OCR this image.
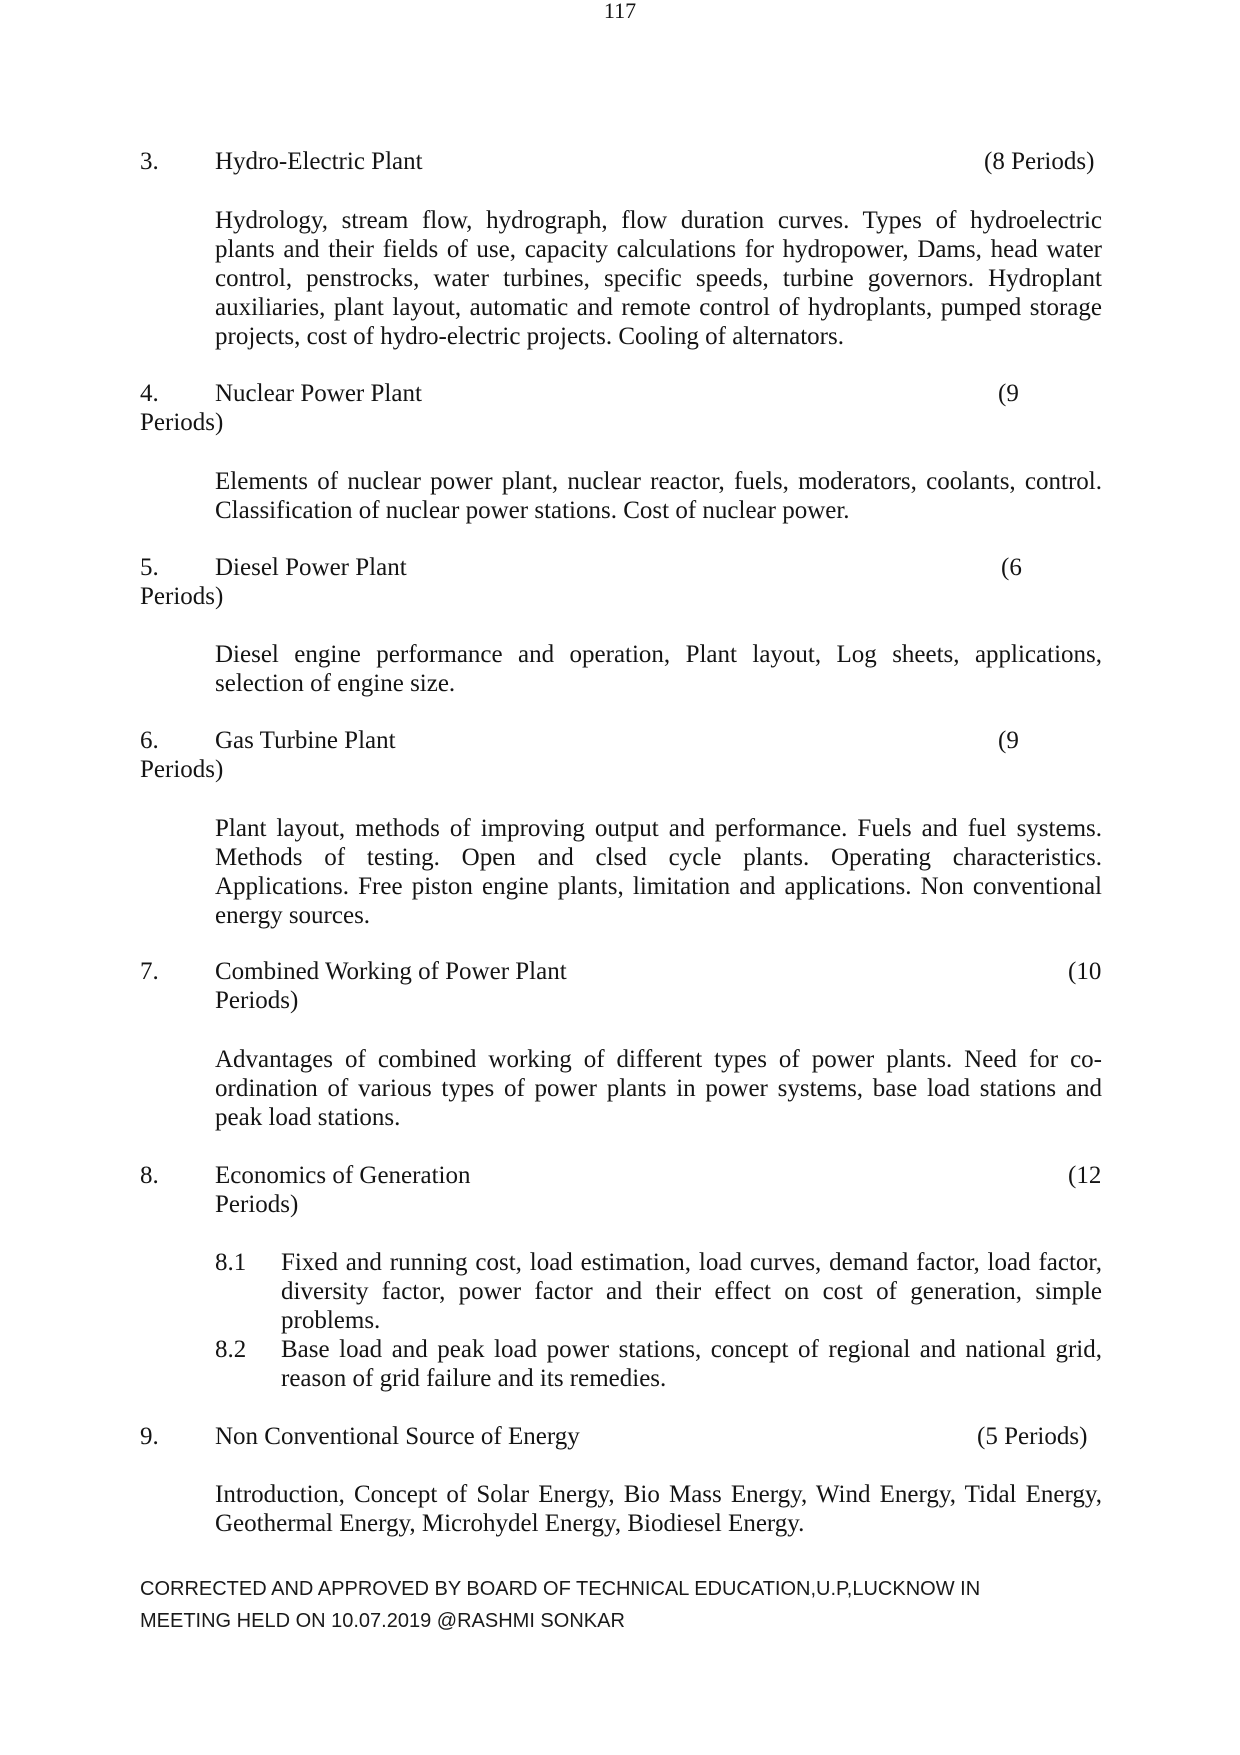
117
3. Hydro-Electric Plant	(8 Periods)
Hydrology, stream flow, hydrograph, flow duration curves. Types of hydroelectric
plants and their fields of use, capacity calculations for hydropower, Dams, head water
control, penstrocks, water turbines, specific speeds, turbine governors. Hydroplant
auxiliaries, plant layout, automatic and remote control of hydroplants, pumped storage
projects, cost of hydro-electric projects. Cooling of alternators.
4. Nuclear Power Plant	(9
Periods)
Elements of nuclear power plant, nuclear reactor, fuels, moderators, coolants, control.
Classification of nuclear power stations. Cost of nuclear power.
5. Diesel Power Plant	(6
Periods)
Diesel engine performance and operation, Plant layout, Log sheets, applications,
selection of engine size.
6. Gas Turbine Plant	(9
Periods)
Plant layout, methods of improving output and performance. Fuels and fuel systems.
Methods of testing. Open and clsed cycle plants. Operating characteristics.
Applications. Free piston engine plants, limitation and applications. Non conventional
energy sources.
7. Combined Working of Power Plant	(10
Periods)
Advantages of combined working of different types of power plants. Need for co-
ordination of various types of power plants in power systems, base load stations and
peak load stations.
8. Economics of Generation	(12
Periods)
8.1 Fixed and running cost, load estimation, load curves, demand factor, load factor,
diversity factor, power factor and their effect on cost of generation, simple
problems.
8.2 Base load and peak load power stations, concept of regional and national grid,
reason of grid failure and its remedies.
9. Non Conventional Source of Energy	(5 Periods)
Introduction, Concept of Solar Energy, Bio Mass Energy, Wind Energy, Tidal Energy,
Geothermal Energy, Microhydel Energy, Biodiesel Energy.
CORRECTED AND APPROVED BY BOARD OF TECHNICAL EDUCATION,U.P,LUCKNOW IN
MEETING HELD ON 10.07.2019 @RASHMI SONKAR
